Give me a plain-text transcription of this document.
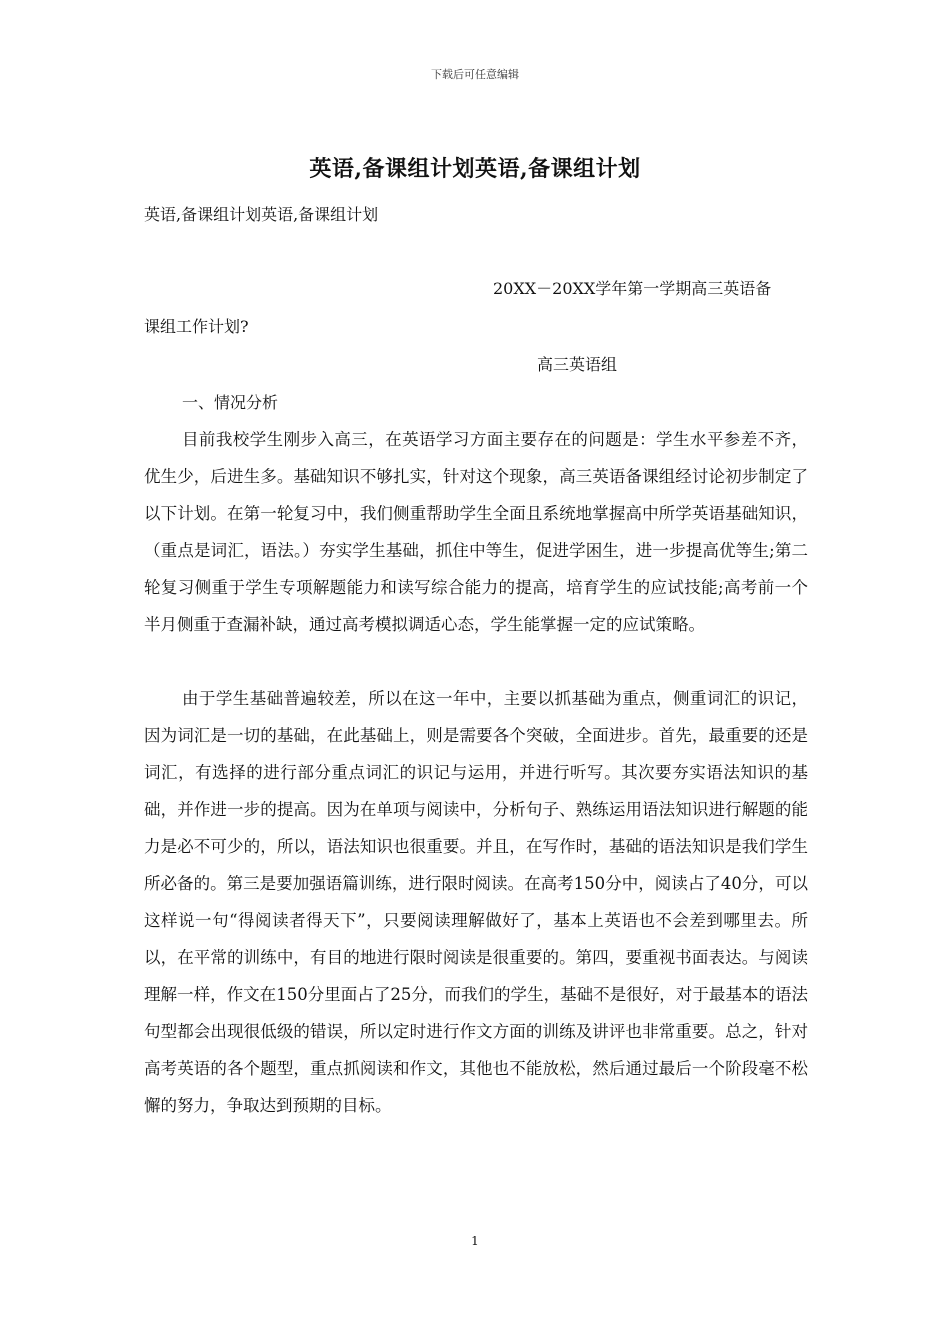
下载后可任意编辑
英语,备课组计划英语,备课组计划
英语,备课组计划英语,备课组计划
20XX－20XX学年第一学期高三英语备
课组工作计划?
高三英语组
一、情况分析

目前我校学生刚步入高三，在英语学习方面主要存在的问题是：学生水平参差不齐，优生少，后进生多。基础知识不够扎实，针对这个现象，高三英语备课组经讨论初步制定了以下计划。在第一轮复习中，我们侧重帮助学生全面且系统地掌握高中所学英语基础知识，（重点是词汇，语法。）夯实学生基础，抓住中等生，促进学困生，进一步提高优等生;第二轮复习侧重于学生专项解题能力和读写综合能力的提高，培育学生的应试技能;高考前一个半月侧重于查漏补缺，通过高考模拟调适心态，学生能掌握一定的应试策略。

由于学生基础普遍较差，所以在这一年中，主要以抓基础为重点，侧重词汇的识记，因为词汇是一切的基础，在此基础上，则是需要各个突破，全面进步。首先，最重要的还是词汇，有选择的进行部分重点词汇的识记与运用，并进行听写。其次要夯实语法知识的基础，并作进一步的提高。因为在单项与阅读中，分析句子、熟练运用语法知识进行解题的能力是必不可少的，所以，语法知识也很重要。并且，在写作时，基础的语法知识是我们学生所必备的。第三是要加强语篇训练，进行限时阅读。在高考150分中，阅读占了40分，可以这样说一句“得阅读者得天下”，只要阅读理解做好了，基本上英语也不会差到哪里去。所以，在平常的训练中，有目的地进行限时阅读是很重要的。第四，要重视书面表达。与阅读理解一样，作文在150分里面占了25分，而我们的学生，基础不是很好，对于最基本的语法句型都会出现很低级的错误，所以定时进行作文方面的训练及讲评也非常重要。总之，针对高考英语的各个题型，重点抓阅读和作文，其他也不能放松，然后通过最后一个阶段毫不松懈的努力，争取达到预期的目标。

1
